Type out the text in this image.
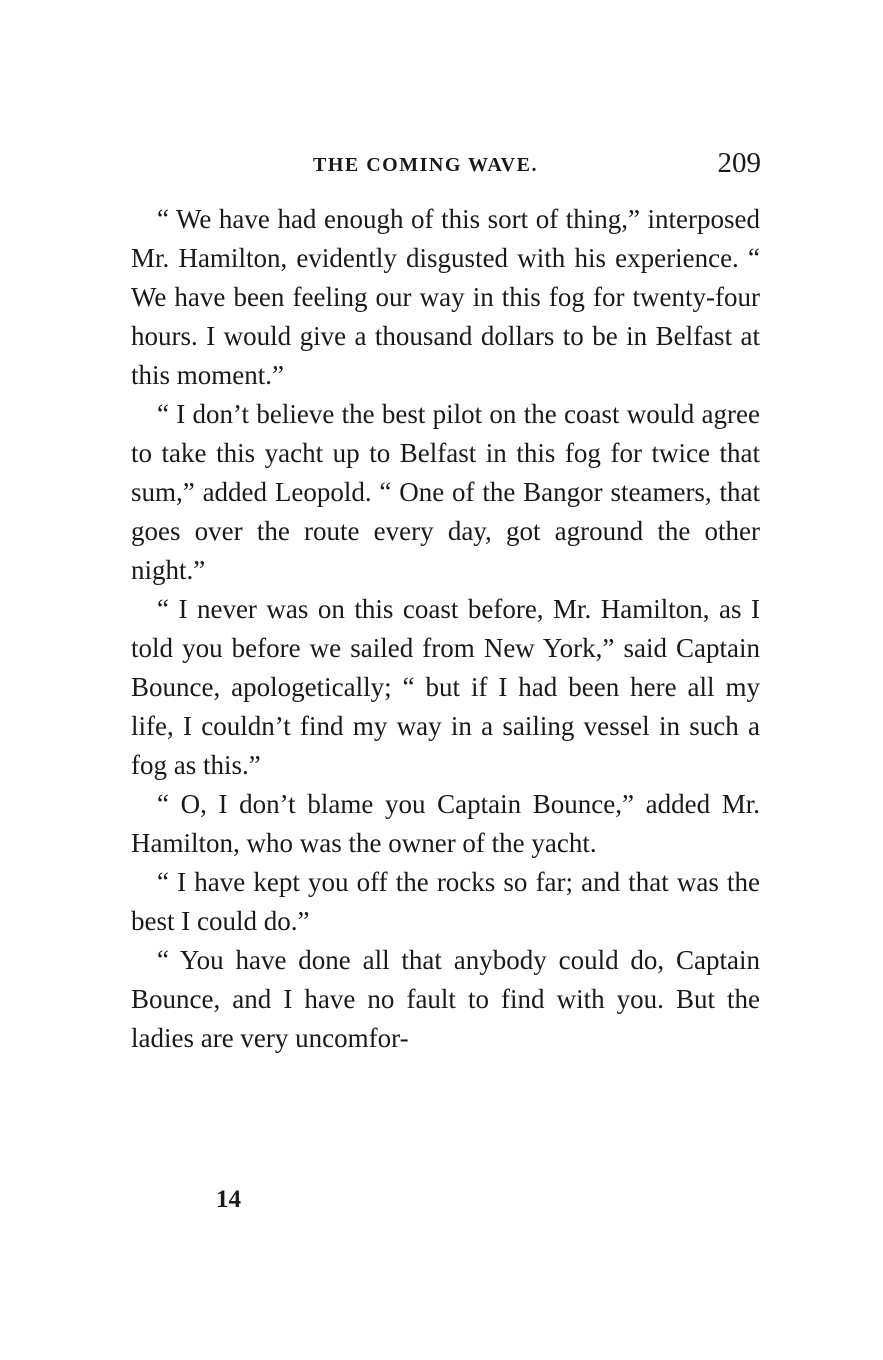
THE COMING WAVE.	209

“ We have had enough of this sort of thing,” interposed Mr. Hamilton, evidently disgusted with his experience. “ We have been feeling our way in this fog for twenty-four hours. I would give a thousand dollars to be in Belfast at this moment.”

“ I don’t believe the best pilot on the coast would agree to take this yacht up to Belfast in this fog for twice that sum,” added Leopold. “ One of the Bangor steamers, that goes over the route every day, got aground the other night.”

“ I never was on this coast before, Mr. Hamilton, as I told you before we sailed from New York,” said Captain Bounce, apologetically; “ but if I had been here all my life, I couldn’t find my way in a sailing vessel in such a fog as this.”

“ O, I don’t blame you Captain Bounce,” added Mr. Hamilton, who was the owner of the yacht.

“ I have kept you off the rocks so far; and that was the best I could do.”

“ You have done all that anybody could do, Captain Bounce, and I have no fault to find with you. But the ladies are very uncomfor-

14
